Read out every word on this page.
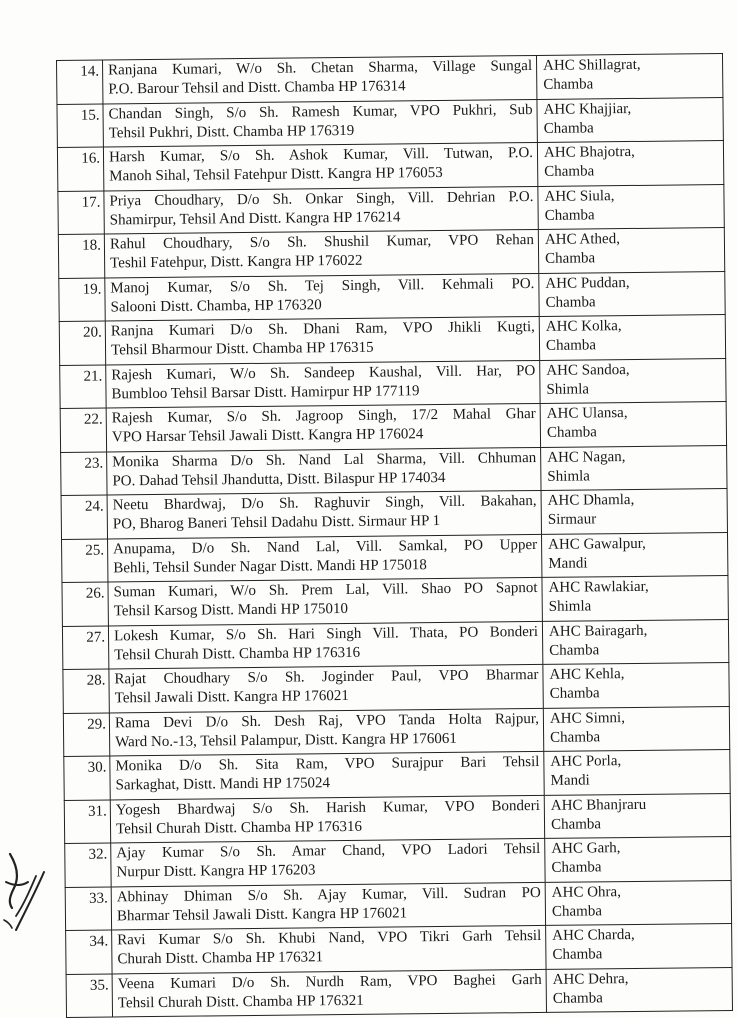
14.	Ranjana Kumari, W/o Sh. Chetan Sharma, Village Sungal
P.O. Barour Tehsil and Distt. Chamba HP 176314	AHC Shillagrat,
Chamba

15.	Chandan Singh, S/o Sh. Ramesh Kumar, VPO Pukhri, Sub
Tehsil Pukhri, Distt. Chamba HP 176319	AHC Khajjiar,
Chamba

16.	Harsh Kumar, S/o Sh. Ashok Kumar, Vill. Tutwan, P.O.
Manoh Sihal, Tehsil Fatehpur Distt. Kangra HP 176053	AHC Bhajotra,
Chamba

17.	Priya Choudhary, D/o Sh. Onkar Singh, Vill. Dehrian P.O.
Shamirpur, Tehsil And Distt. Kangra HP 176214	AHC Siula,
Chamba

18.	Rahul Choudhary, S/o Sh. Shushil Kumar, VPO Rehan
Teshil Fatehpur, Distt. Kangra HP 176022	AHC Athed,
Chamba

19.	Manoj Kumar, S/o Sh. Tej Singh, Vill. Kehmali PO.
Salooni Distt. Chamba, HP 176320	AHC Puddan,
Chamba

20.	Ranjna Kumari D/o Sh. Dhani Ram, VPO Jhikli Kugti,
Tehsil Bharmour Distt. Chamba HP 176315	AHC Kolka,
Chamba

21.	Rajesh Kumari, W/o Sh. Sandeep Kaushal, Vill. Har, PO
Bumbloo Tehsil Barsar Distt. Hamirpur HP 177119	AHC Sandoa,
Shimla

22.	Rajesh Kumar, S/o Sh. Jagroop Singh, 17/2 Mahal Ghar
VPO Harsar Tehsil Jawali Distt. Kangra HP 176024	AHC Ulansa,
Chamba

23.	Monika Sharma D/o Sh. Nand Lal Sharma, Vill. Chhuman
PO. Dahad Tehsil Jhandutta, Distt. Bilaspur HP 174034	AHC Nagan,
Shimla

24.	Neetu Bhardwaj, D/o Sh. Raghuvir Singh, Vill. Bakahan,
PO, Bharog Baneri Tehsil Dadahu Distt. Sirmaur HP 1	AHC Dhamla,
Sirmaur

25.	Anupama, D/o Sh. Nand Lal, Vill. Samkal, PO Upper
Behli, Tehsil Sunder Nagar Distt. Mandi HP 175018	AHC Gawalpur,
Mandi

26.	Suman Kumari, W/o Sh. Prem Lal, Vill. Shao PO Sapnot
Tehsil Karsog Distt. Mandi HP 175010	AHC Rawlakiar,
Shimla

27.	Lokesh Kumar, S/o Sh. Hari Singh Vill. Thata, PO Bonderi
Tehsil Churah Distt. Chamba HP 176316	AHC Bairagarh,
Chamba

28.	Rajat Choudhary S/o Sh. Joginder Paul, VPO Bharmar
Tehsil Jawali Distt. Kangra HP 176021	AHC Kehla,
Chamba

29.	Rama Devi D/o Sh. Desh Raj, VPO Tanda Holta Rajpur,
Ward No.-13, Tehsil Palampur, Distt. Kangra HP 176061	AHC Simni,
Chamba

30.	Monika D/o Sh. Sita Ram, VPO Surajpur Bari Tehsil
Sarkaghat, Distt. Mandi HP 175024	AHC Porla,
Mandi

31.	Yogesh Bhardwaj S/o Sh. Harish Kumar, VPO Bonderi
Tehsil Churah Distt. Chamba HP 176316	AHC Bhanjraru
Chamba

32.	Ajay Kumar S/o Sh. Amar Chand, VPO Ladori Tehsil
Nurpur Distt. Kangra HP 176203	AHC Garh,
Chamba

33.	Abhinay Dhiman S/o Sh. Ajay Kumar, Vill. Sudran PO
Bharmar Tehsil Jawali Distt. Kangra HP 176021	AHC Ohra,
Chamba

34.	Ravi Kumar S/o Sh. Khubi Nand, VPO Tikri Garh Tehsil
Churah Distt. Chamba HP 176321	AHC Charda,
Chamba

35.	Veena Kumari D/o Sh. Nurdh Ram, VPO Baghei Garh
Tehsil Churah Distt. Chamba HP 176321	AHC Dehra,
Chamba
